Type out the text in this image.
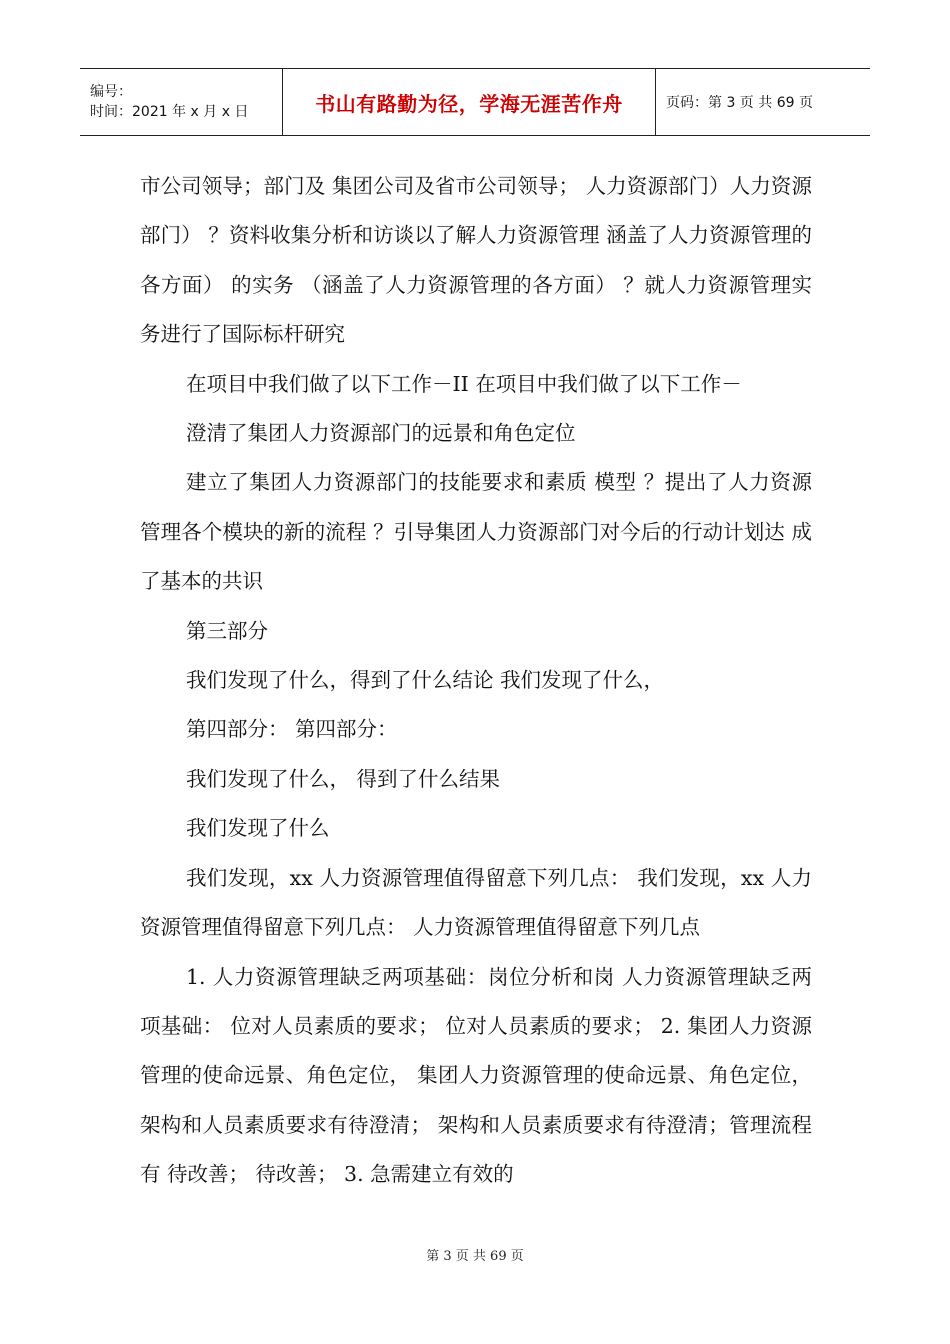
编号：
时间：2021 年 x 月 x 日	书山有路勤为径，学海无涯苦作舟	页码：第 3 页 共 69 页

市公司领导；部门及 集团公司及省市公司领导； 人力资源部门）人力资源部门） ？资料收集分析和访谈以了解人力资源管理 涵盖了人力资源管理的各方面） 的实务 （涵盖了人力资源管理的各方面） ？就人力资源管理实务进行了国际标杆研究

在项目中我们做了以下工作－II 在项目中我们做了以下工作－

澄清了集团人力资源部门的远景和角色定位

建立了集团人力资源部门的技能要求和素质 模型 ？提出了人力资源管理各个模块的新的流程 ？引导集团人力资源部门对今后的行动计划达 成了基本的共识

第三部分

我们发现了什么，得到了什么结论 我们发现了什么，

第四部分： 第四部分：

我们发现了什么， 得到了什么结果

我们发现了什么

我们发现，xx 人力资源管理值得留意下列几点： 我们发现，xx 人力资源管理值得留意下列几点： 人力资源管理值得留意下列几点

1. 人力资源管理缺乏两项基础：岗位分析和岗 人力资源管理缺乏两项基础： 位对人员素质的要求； 位对人员素质的要求； 2. 集团人力资源管理的使命远景、角色定位， 集团人力资源管理的使命远景、角色定位， 架构和人员素质要求有待澄清； 架构和人员素质要求有待澄清；管理流程有 待改善； 待改善； 3. 急需建立有效的

第 3 页 共 69 页
